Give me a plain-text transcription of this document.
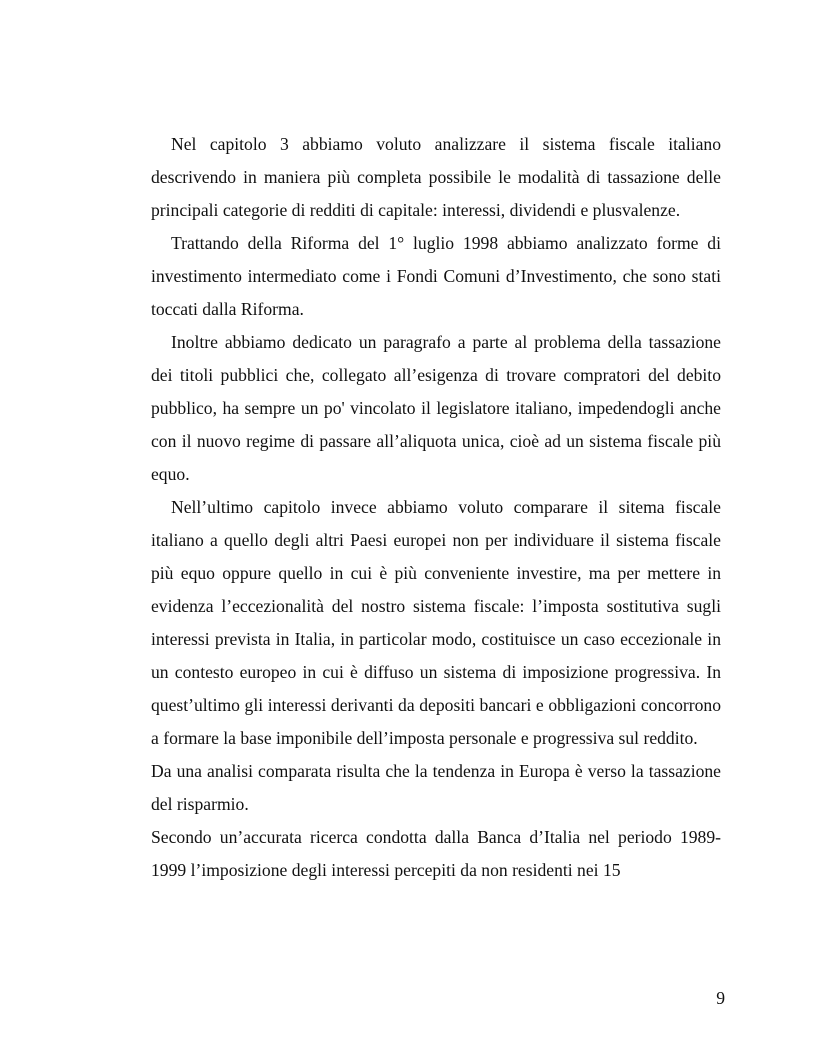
Nel capitolo 3 abbiamo voluto analizzare il sistema fiscale italiano descrivendo in maniera più completa possibile le modalità di tassazione delle principali categorie di redditi di capitale: interessi, dividendi e plusvalenze.

Trattando della Riforma del 1° luglio 1998 abbiamo analizzato forme di investimento intermediato come i Fondi Comuni d’Investimento, che sono stati toccati dalla Riforma.

Inoltre abbiamo dedicato un paragrafo a parte al problema della tassazione dei titoli pubblici che, collegato all’esigenza di trovare compratori del debito pubblico, ha sempre un po' vincolato il legislatore italiano, impedendogli anche con il nuovo regime di passare all’aliquota unica, cioè ad un sistema fiscale più equo.

Nell’ultimo capitolo invece abbiamo voluto comparare il sitema fiscale italiano a quello degli altri Paesi europei non per individuare il sistema fiscale più equo oppure quello in cui è più conveniente investire, ma per mettere in evidenza l’eccezionalità del nostro sistema fiscale: l’imposta sostitutiva sugli interessi prevista in Italia, in particolar modo, costituisce un caso eccezionale in un contesto europeo in cui è diffuso un sistema di imposizione progressiva. In quest’ultimo gli interessi derivanti da depositi bancari e obbligazioni concorrono a formare la base imponibile dell’imposta personale e progressiva sul reddito.

Da una analisi comparata risulta che la tendenza in Europa è verso la tassazione del risparmio.

Secondo un’accurata ricerca condotta dalla Banca d’Italia nel periodo 1989-1999 l’imposizione degli interessi percepiti da non residenti nei 15

9
